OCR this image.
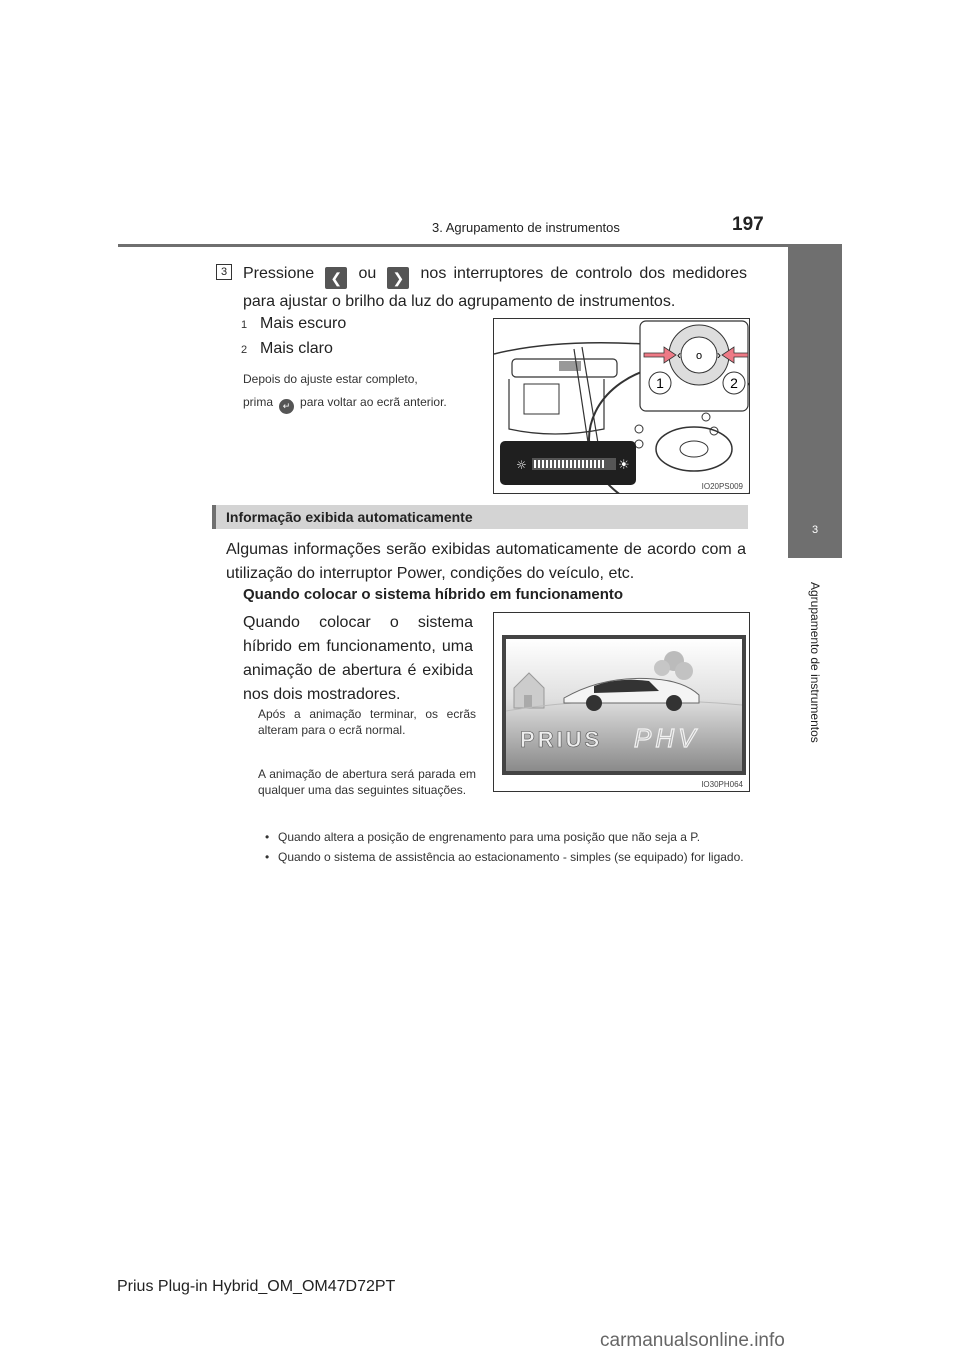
3. Agrupamento de instrumentos	197
3
Agrupamento de instrumentos
3 Pressione ❮ ou ❯ nos interruptores de controlo dos medidores para ajustar o brilho da luz do agrupamento de instrumentos.
1 Mais escuro
2 Mais claro
Depois do ajuste estar completo,
prima ↵ para voltar ao ecrã anterior.
o
‹	›
1	2
☼	☀
IO20PS009
Informação exibida automaticamente
Algumas informações serão exibidas automaticamente de acordo com a utilização do interruptor Power, condições do veículo, etc.
Quando colocar o sistema híbrido em funcionamento
Quando colocar o sistema híbrido em funcionamento, uma animação de abertura é exibida nos dois mostradores.
Após a animação terminar, os ecrãs alteram para o ecrã normal.
A animação de abertura será parada em qualquer uma das seguintes situações.
• Quando altera a posição de engrenamento para uma posição que não seja a P.
• Quando o sistema de assistência ao estacionamento - simples (se equipado) for ligado.
PRIUS PHV
IO30PH064
Prius Plug-in Hybrid_OM_OM47D72PT
carmanualsonline.info
